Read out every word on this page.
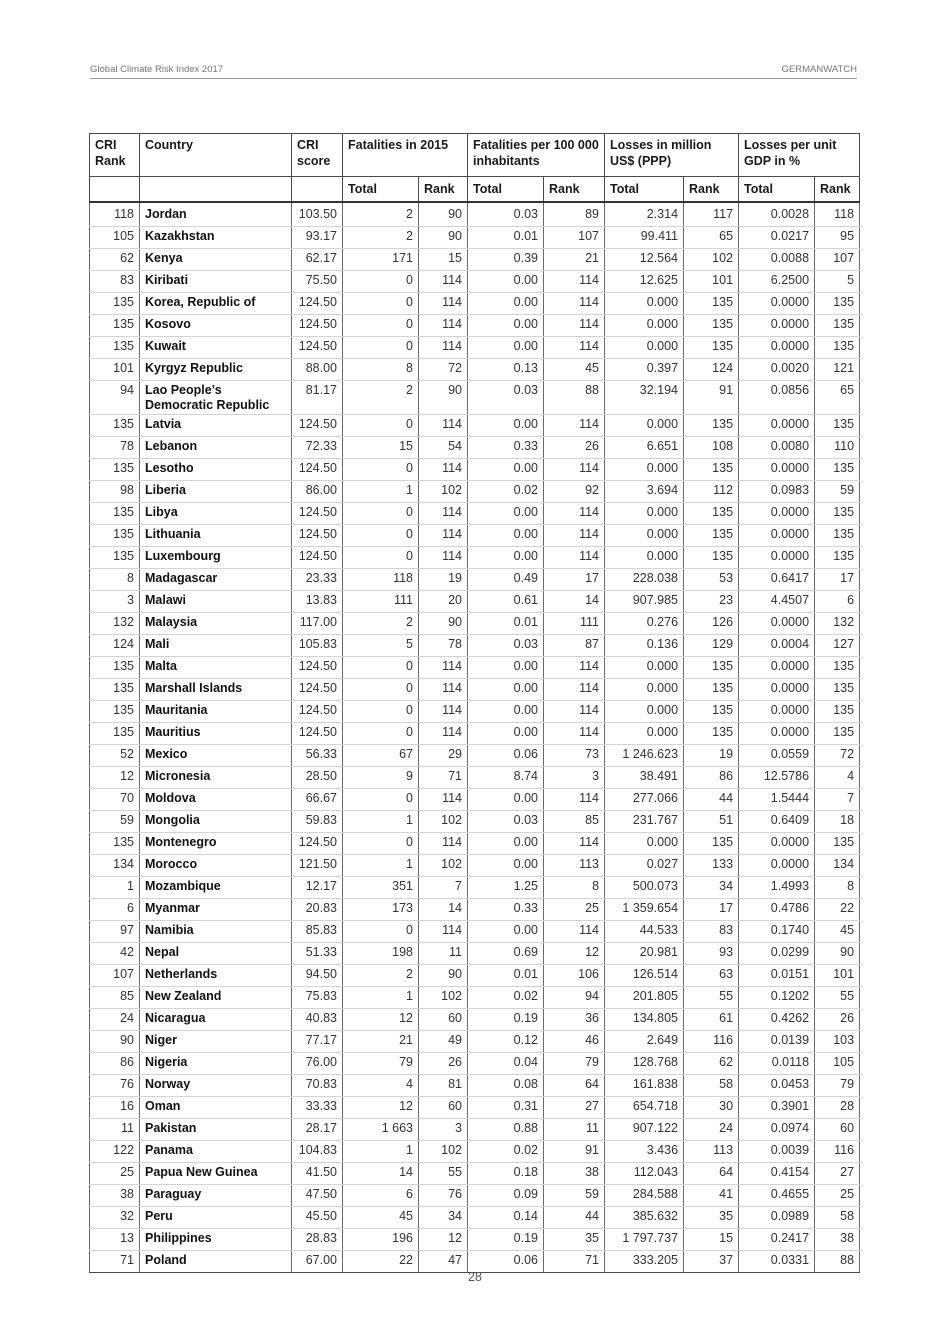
Global Climate Risk Index 2017	GERMANWATCH
CRI Rank	Country	CRI score	Fatalities in 2015		Fatalities per 100 000 inhabitants		Losses in million US$ (PPP)		Losses per unit GDP in %	
			Total	Rank	Total	Rank	Total	Rank	Total	Rank
118	Jordan	103.50	2	90	0.03	89	2.314	117	0.0028	118
105	Kazakhstan	93.17	2	90	0.01	107	99.411	65	0.0217	95
62	Kenya	62.17	171	15	0.39	21	12.564	102	0.0088	107
83	Kiribati	75.50	0	114	0.00	114	12.625	101	6.2500	5
135	Korea, Republic of	124.50	0	114	0.00	114	0.000	135	0.0000	135
135	Kosovo	124.50	0	114	0.00	114	0.000	135	0.0000	135
135	Kuwait	124.50	0	114	0.00	114	0.000	135	0.0000	135
101	Kyrgyz Republic	88.00	8	72	0.13	45	0.397	124	0.0020	121
94	Lao People’s Democratic Republic	81.17	2	90	0.03	88	32.194	91	0.0856	65
135	Latvia	124.50	0	114	0.00	114	0.000	135	0.0000	135
78	Lebanon	72.33	15	54	0.33	26	6.651	108	0.0080	110
135	Lesotho	124.50	0	114	0.00	114	0.000	135	0.0000	135
98	Liberia	86.00	1	102	0.02	92	3.694	112	0.0983	59
135	Libya	124.50	0	114	0.00	114	0.000	135	0.0000	135
135	Lithuania	124.50	0	114	0.00	114	0.000	135	0.0000	135
135	Luxembourg	124.50	0	114	0.00	114	0.000	135	0.0000	135
8	Madagascar	23.33	118	19	0.49	17	228.038	53	0.6417	17
3	Malawi	13.83	111	20	0.61	14	907.985	23	4.4507	6
132	Malaysia	117.00	2	90	0.01	111	0.276	126	0.0000	132
124	Mali	105.83	5	78	0.03	87	0.136	129	0.0004	127
135	Malta	124.50	0	114	0.00	114	0.000	135	0.0000	135
135	Marshall Islands	124.50	0	114	0.00	114	0.000	135	0.0000	135
135	Mauritania	124.50	0	114	0.00	114	0.000	135	0.0000	135
135	Mauritius	124.50	0	114	0.00	114	0.000	135	0.0000	135
52	Mexico	56.33	67	29	0.06	73	1 246.623	19	0.0559	72
12	Micronesia	28.50	9	71	8.74	3	38.491	86	12.5786	4
70	Moldova	66.67	0	114	0.00	114	277.066	44	1.5444	7
59	Mongolia	59.83	1	102	0.03	85	231.767	51	0.6409	18
135	Montenegro	124.50	0	114	0.00	114	0.000	135	0.0000	135
134	Morocco	121.50	1	102	0.00	113	0.027	133	0.0000	134
1	Mozambique	12.17	351	7	1.25	8	500.073	34	1.4993	8
6	Myanmar	20.83	173	14	0.33	25	1 359.654	17	0.4786	22
97	Namibia	85.83	0	114	0.00	114	44.533	83	0.1740	45
42	Nepal	51.33	198	11	0.69	12	20.981	93	0.0299	90
107	Netherlands	94.50	2	90	0.01	106	126.514	63	0.0151	101
85	New Zealand	75.83	1	102	0.02	94	201.805	55	0.1202	55
24	Nicaragua	40.83	12	60	0.19	36	134.805	61	0.4262	26
90	Niger	77.17	21	49	0.12	46	2.649	116	0.0139	103
86	Nigeria	76.00	79	26	0.04	79	128.768	62	0.0118	105
76	Norway	70.83	4	81	0.08	64	161.838	58	0.0453	79
16	Oman	33.33	12	60	0.31	27	654.718	30	0.3901	28
11	Pakistan	28.17	1 663	3	0.88	11	907.122	24	0.0974	60
122	Panama	104.83	1	102	0.02	91	3.436	113	0.0039	116
25	Papua New Guinea	41.50	14	55	0.18	38	112.043	64	0.4154	27
38	Paraguay	47.50	6	76	0.09	59	284.588	41	0.4655	25
32	Peru	45.50	45	34	0.14	44	385.632	35	0.0989	58
13	Philippines	28.83	196	12	0.19	35	1 797.737	15	0.2417	38
71	Poland	67.00	22	47	0.06	71	333.205	37	0.0331	88
28
